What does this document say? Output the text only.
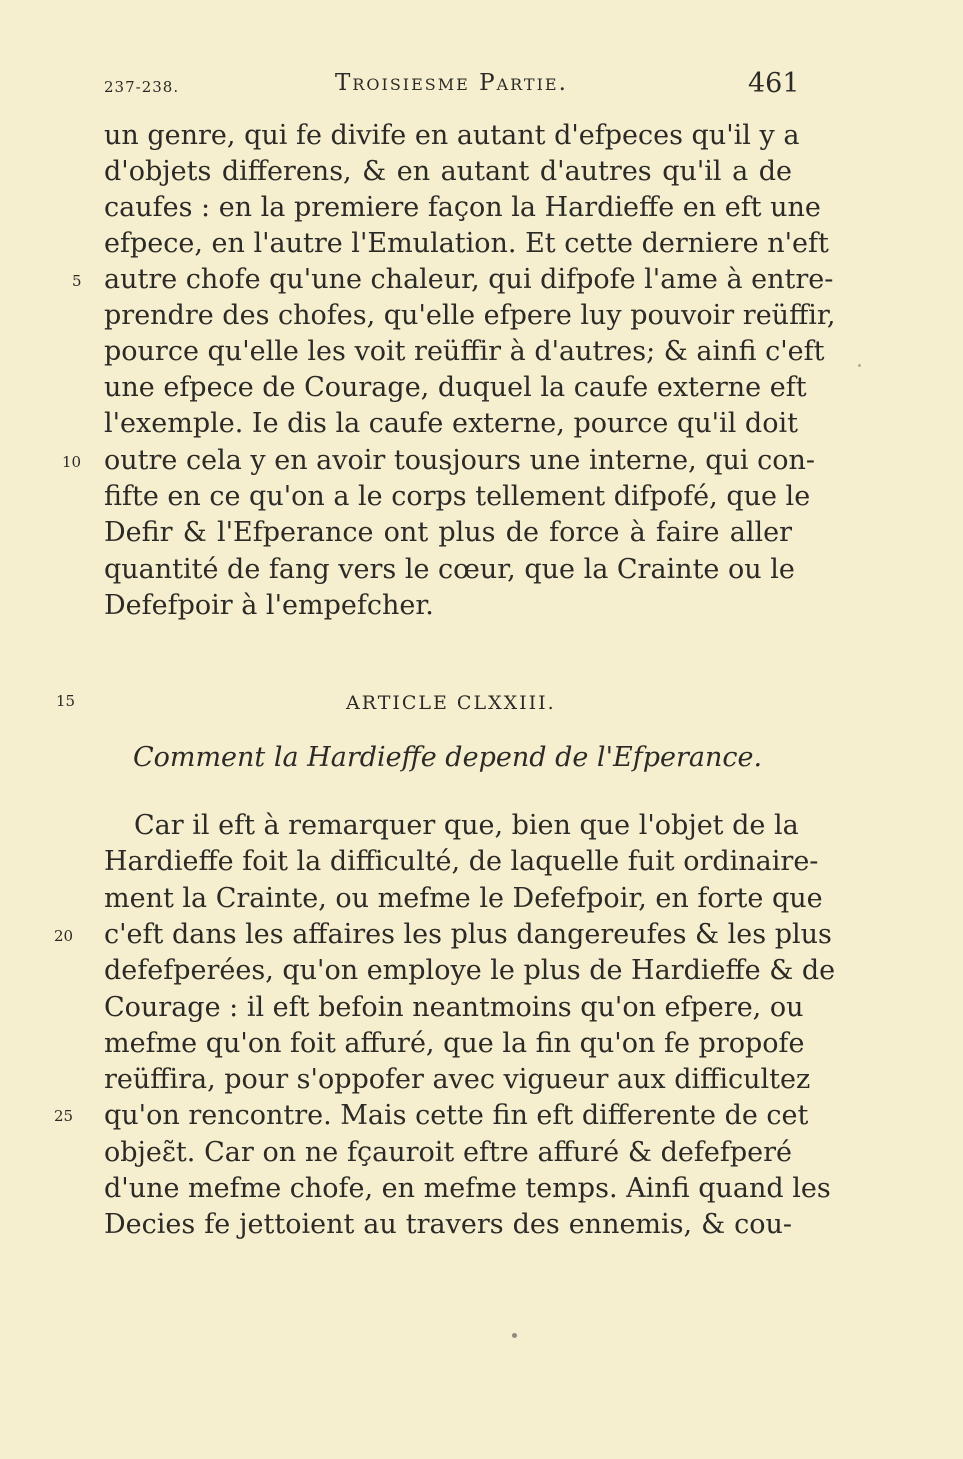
237-238.	Troisiesme Partie.	461
un genre, qui fe divife en autant d'efpeces qu'il y a
d'objets differens, & en autant d'autres qu'il a de
caufes : en la premiere façon la Hardieffe en eft une
efpece, en l'autre l'Emulation. Et cette derniere n'eft
autre chofe qu'une chaleur, qui difpofe l'ame à entre-
prendre des chofes, qu'elle efpere luy pouvoir reüffir,
pource qu'elle les voit reüffir à d'autres; & ainfi c'eft
une efpece de Courage, duquel la caufe externe eft
l'exemple. Ie dis la caufe externe, pource qu'il doit
outre cela y en avoir tousjours une interne, qui con-
fifte en ce qu'on a le corps tellement difpofé, que le
Defir & l'Efperance ont plus de force à faire aller
quantité de fang vers le cœur, que la Crainte ou le
Defefpoir à l'empefcher.
5
10
15
20
25
ARTICLE CLXXIII.
Comment la Hardieffe depend de l'Efperance.
Car il eft à remarquer que, bien que l'objet de la
Hardieffe foit la difficulté, de laquelle fuit ordinaire-
ment la Crainte, ou mefme le Defefpoir, en forte que
c'eft dans les affaires les plus dangereufes & les plus
defefperées, qu'on employe le plus de Hardieffe & de
Courage : il eft befoin neantmoins qu'on efpere, ou
mefme qu'on foit affuré, que la fin qu'on fe propofe
reüffira, pour s'oppofer avec vigueur aux difficultez
qu'on rencontre. Mais cette fin eft differente de cet
objeɛ̃t. Car on ne fçauroit eftre affuré & defefperé
d'une mefme chofe, en mefme temps. Ainfi quand les
Decies fe jettoient au travers des ennemis, & cou-
